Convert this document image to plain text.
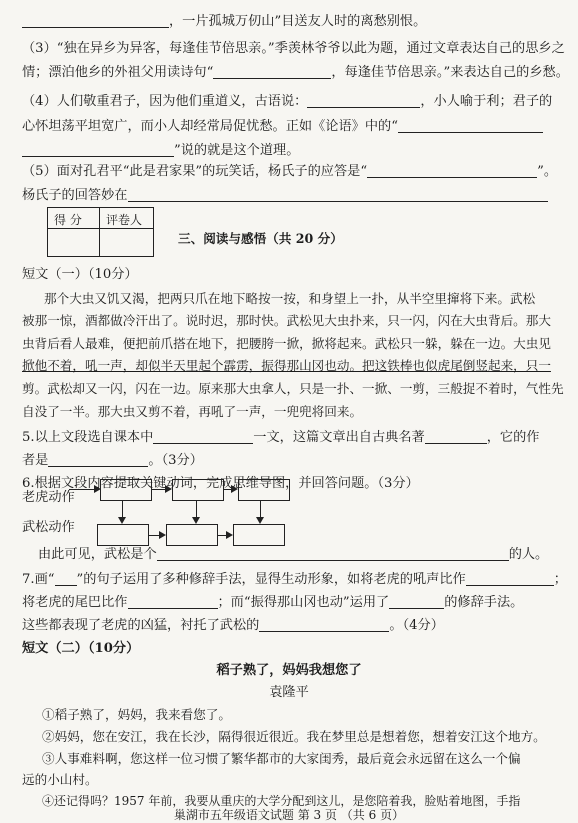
，一片孤城万仞山”目送友人时的离愁别恨。
（3）“独在异乡为异客，每逢佳节倍思亲。”季羡林爷爷以此为题，通过文章表达自己的思乡之
情；漂泊他乡的外祖父用读诗句“	，每逢佳节倍思亲。”来表达自己的乡愁。
（4）人们敬重君子，因为他们重道义，古语说：	，小人喻于利；君子的
心怀坦荡平坦宽广，而小人却经常局促忧愁。正如《论语》中的“
”说的就是这个道理。
（5）面对孔君平“此是君家果”的玩笑话，杨氏子的应答是“	”。
杨氏子的回答妙在
得 分 评卷人
三、阅读与感悟（共 20 分）
短文（一）（10分）
那个大虫又饥又渴，把两只爪在地下略按一按，和身望上一扑，从半空里撺将下来。武松
被那一惊，酒都做冷汗出了。说时迟，那时快。武松见大虫扑来，只一闪，闪在大虫背后。那大
虫背后看人最难，便把前爪搭在地下，把腰胯一掀，掀将起来。武松只一躲，躲在一边。大虫见
掀他不着，吼一声，却似半天里起个霹雳，振得那山冈也动。把这铁棒也似虎尾倒竖起来，只一
剪。武松却又一闪，闪在一边。原来那大虫拿人，只是一扑、一掀、一剪，三般捉不着时，气性先
自没了一半。那大虫又剪不着，再吼了一声，一兜兜将回来。
5.以上文段选自课本中	一文，这篇文章出自古典名著	，它的作
者是	。（3分）
6.根据文段内容提取关键动词，完成思维导图，并回答问题。（3分）
老虎动作
武松动作
由此可见，武松是个	的人。
7.画“ ”的句子运用了多种修辞手法，显得生动形象，如将老虎的吼声比作	；
将老虎的尾巴比作	；而“振得那山冈也动”运用了	的修辞手法。
这些都表现了老虎的凶猛，衬托了武松的	。（4分）
短文（二）（10分）
稻子熟了，妈妈我想您了
袁隆平
①稻子熟了，妈妈，我来看您了。
②妈妈，您在安江，我在长沙，隔得很近很近。我在梦里总是想着您，想着安江这个地方。
③人事难料啊，您这样一位习惯了繁华都市的大家闺秀，最后竟会永远留在这么一个偏
远的小山村。
④还记得吗？1957 年前，我要从重庆的大学分配到这儿，是您陪着我，脸贴着地图，手指
巢湖市五年级语文试题 第 3 页 （共 6 页）
